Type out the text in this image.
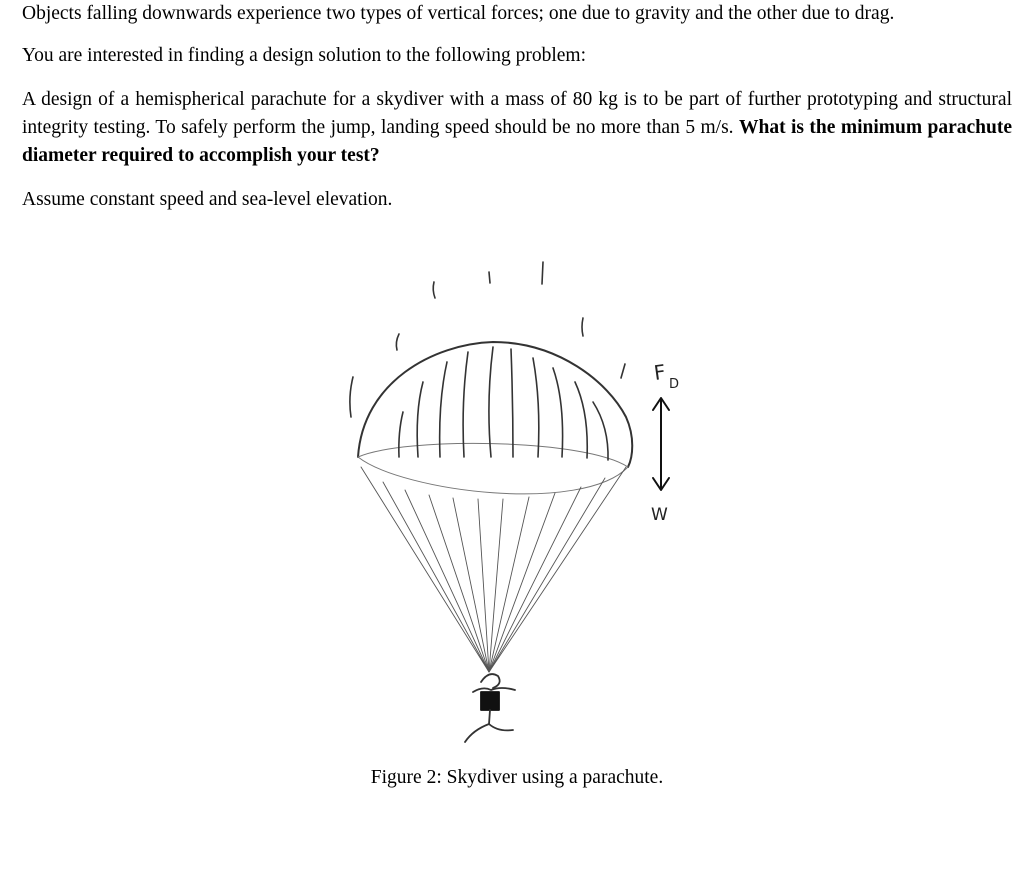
Objects falling downwards experience two types of vertical forces; one due to gravity and the other due to drag.

You are interested in finding a design solution to the following problem:

A design of a hemispherical parachute for a skydiver with a mass of 80 kg is to be part of further prototyping and structural integrity testing. To safely perform the jump, landing speed should be no more than 5 m/s. What is the minimum parachute diameter required to accomplish your test?

Assume constant speed and sea-level elevation.

F D
W
Figure 2: Skydiver using a parachute.
